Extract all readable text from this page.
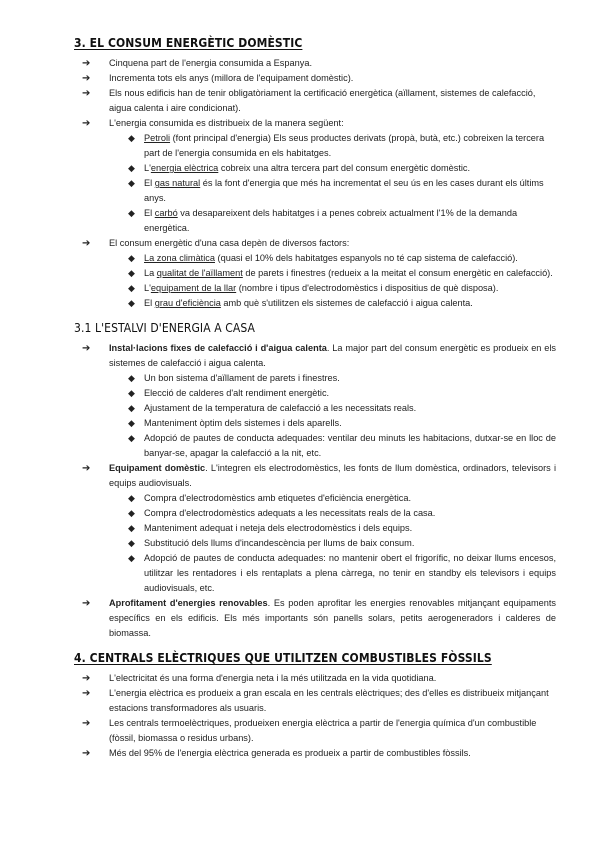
3. EL CONSUM ENERGÈTIC DOMÈSTIC
➔ Cinquena part de l'energia consumida a Espanya.
➔ Incrementa tots els anys (millora de l'equipament domèstic).
➔ Els nous edificis han de tenir obligatòriament la certificació energètica (aïllament, sistemes de calefacció, aigua calenta i aire condicionat).
➔ L'energia consumida es distribueix de la manera següent:
◆ Petroli (font principal d'energia) Els seus productes derivats (propà, butà, etc.) cobreixen la tercera part de l'energia consumida en els habitatges.
◆ L'energia elèctrica cobreix una altra tercera part del consum energètic domèstic.
◆ El gas natural és la font d'energia que més ha incrementat el seu ús en les cases durant els últims anys.
◆ El carbó va desapareixent dels habitatges i a penes cobreix actualment l'1% de la demanda energètica.
➔ El consum energètic d'una casa depèn de diversos factors:
◆ La zona climàtica (quasi el 10% dels habitatges espanyols no té cap sistema de calefacció).
◆ La qualitat de l'aïllament de parets i finestres (redueix a la meitat el consum energètic en calefacció).
◆ L'equipament de la llar (nombre i tipus d'electrodomèstics i dispositius de què disposa).
◆ El grau d'eficiència amb què s'utilitzen els sistemes de calefacció i aigua calenta.
3.1 L'ESTALVI D'ENERGIA A CASA
➔ Instal·lacions fixes de calefacció i d'aigua calenta. La major part del consum energètic es produeix en els sistemes de calefacció i aigua calenta.
◆ Un bon sistema d'aïllament de parets i finestres.
◆ Elecció de calderes d'alt rendiment energètic.
◆ Ajustament de la temperatura de calefacció a les necessitats reals.
◆ Manteniment òptim dels sistemes i dels aparells.
◆ Adopció de pautes de conducta adequades: ventilar deu minuts les habitacions, dutxar-se en lloc de banyar-se, apagar la calefacció a la nit, etc.
➔ Equipament domèstic. L'integren els electrodomèstics, les fonts de llum domèstica, ordinadors, televisors i equips audiovisuals.
◆ Compra d'electrodomèstics amb etiquetes d'eficiència energètica.
◆ Compra d'electrodomèstics adequats a les necessitats reals de la casa.
◆ Manteniment adequat i neteja dels electrodomèstics i dels equips.
◆ Substitució dels llums d'incandescència per llums de baix consum.
◆ Adopció de pautes de conducta adequades: no mantenir obert el frigorífic, no deixar llums encesos, utilitzar les rentadores i els rentaplats a plena càrrega, no tenir en standby els televisors i equips audiovisuals, etc.
➔ Aprofitament d'energies renovables. Es poden aprofitar les energies renovables mitjançant equipaments específics en els edificis. Els més importants són panells solars, petits aerogeneradors i calderes de biomassa.
4. CENTRALS ELÈCTRIQUES QUE UTILITZEN COMBUSTIBLES FÒSSILS
➔ L'electricitat és una forma d'energia neta i la més utilitzada en la vida quotidiana.
➔ L'energia elèctrica es produeix a gran escala en les centrals elèctriques; des d'elles es distribueix mitjançant estacions transformadores als usuaris.
➔ Les centrals termoelèctriques, produeixen energia elèctrica a partir de l'energia química d'un combustible (fòssil, biomassa o residus urbans).
➔ Més del 95% de l'energia elèctrica generada es produeix a partir de combustibles fòssils.
